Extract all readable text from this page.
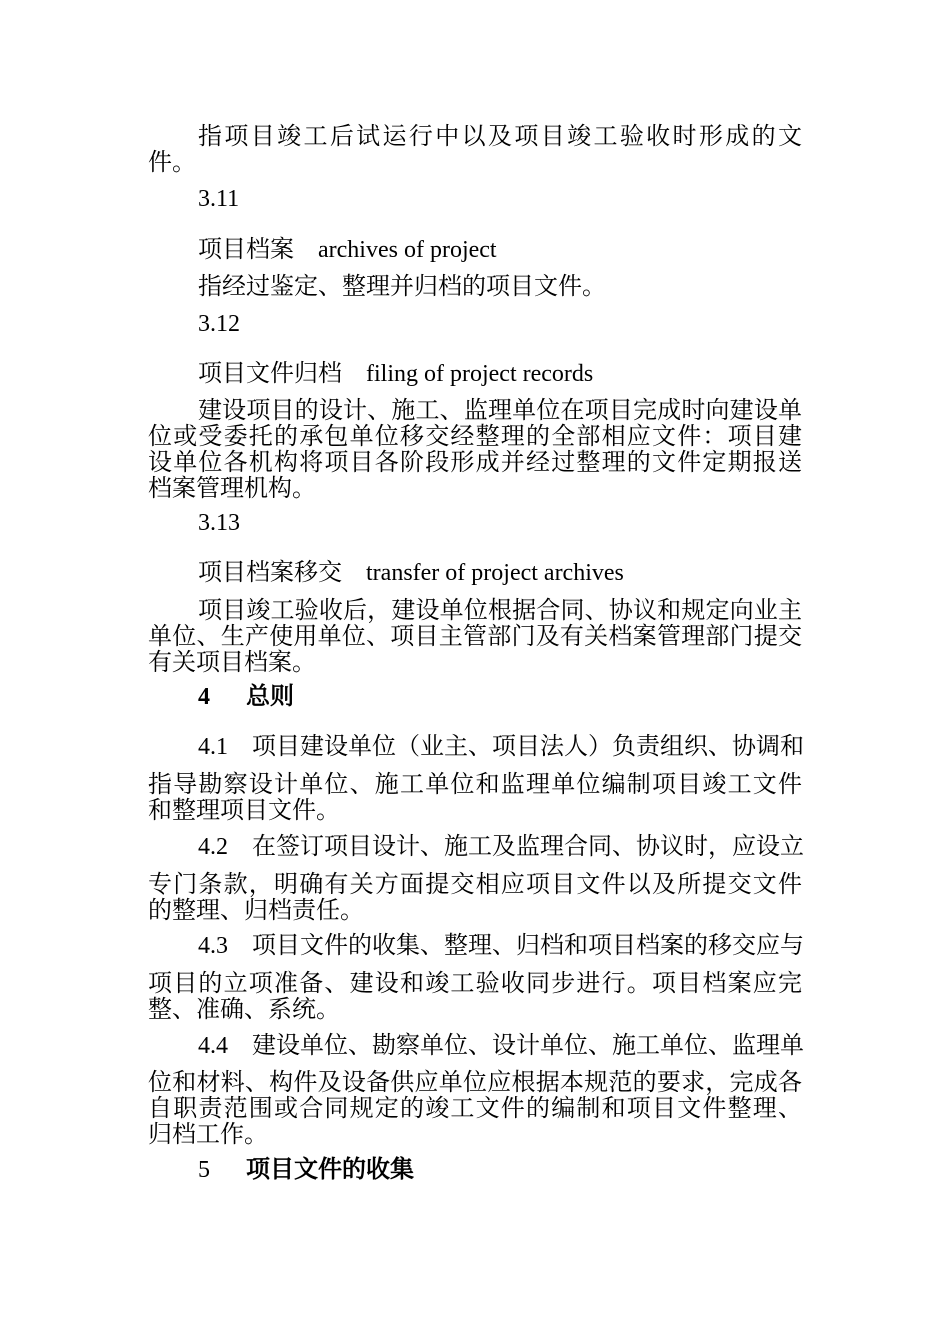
指项目竣工后试运行中以及项目竣工验收时形成的文

件。

3.11

项目档案 archives of project

指经过鉴定、整理并归档的项目文件。

3.12

项目文件归档 filing of project records

建设项目的设计、施工、监理单位在项目完成时向建设单

位或受委托的承包单位移交经整理的全部相应文件：项目建

设单位各机构将项目各阶段形成并经过整理的文件定期报送

档案管理机构。

3.13

项目档案移交 transfer of project archives

项目竣工验收后，建设单位根据合同、协议和规定向业主

单位、生产使用单位、项目主管部门及有关档案管理部门提交

有关项目档案。

4 总则

4.1 项目建设单位（业主、项目法人）负责组织、协调和

指导勘察设计单位、施工单位和监理单位编制项目竣工文件

和整理项目文件。

4.2 在签订项目设计、施工及监理合同、协议时，应设立

专门条款，明确有关方面提交相应项目文件以及所提交文件

的整理、归档责任。

4.3 项目文件的收集、整理、归档和项目档案的移交应与

项目的立项准备、建设和竣工验收同步进行。项目档案应完

整、准确、系统。

4.4 建设单位、勘察单位、设计单位、施工单位、监理单

位和材料、构件及设备供应单位应根据本规范的要求，完成各

自职责范围或合同规定的竣工文件的编制和项目文件整理、

归档工作。

5 项目文件的收集
